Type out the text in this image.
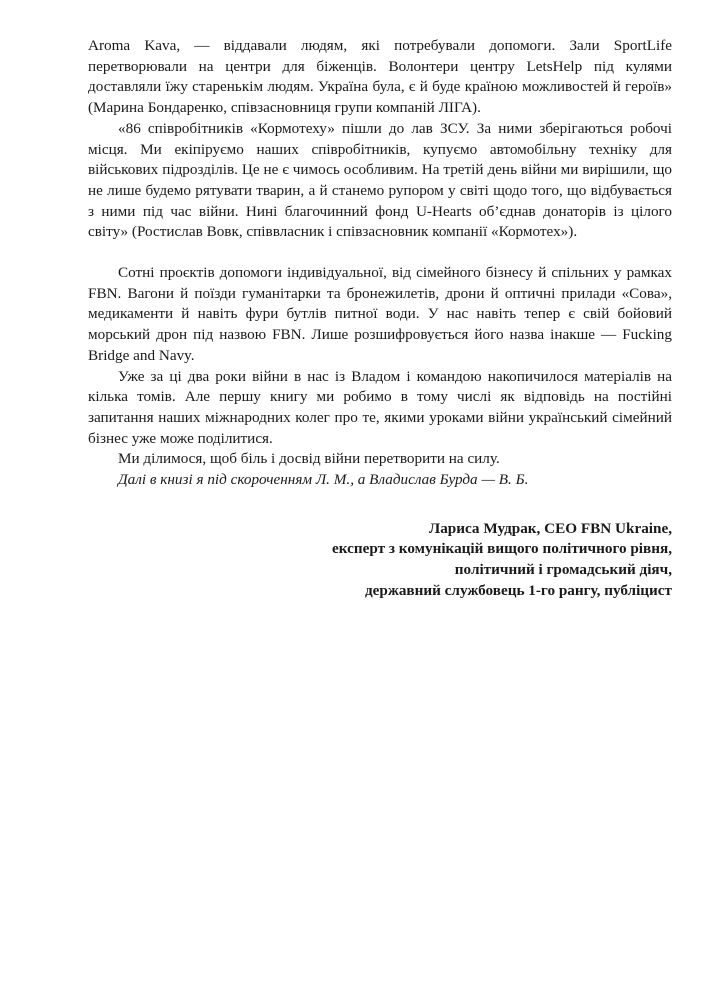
Aroma Kava, — віддавали людям, які потребували допомоги. Зали SportLife перетворювали на центри для біженців. Волонтери центру LetsHelp під кулями доставляли їжу старенькім людям. Україна була, є й буде країною можливостей й героїв» (Марина Бондаренко, співзасновниця групи компаній ЛІГА).

«86 співробітників «Кормотеху» пішли до лав ЗСУ. За ними зберігаються робочі місця. Ми екіпіруємо наших співробітників, купуємо автомобільну техніку для військових підрозділів. Це не є чимось особливим. На третій день війни ми вирішили, що не лише будемо рятувати тварин, а й станемо рупором у світі щодо того, що відбувається з ними під час війни. Нині благочинний фонд U-Hearts об’єднав донаторів із цілого світу» (Ростислав Вовк, співвласник і співзасновник компанії «Кормотех»).

Сотні проєктів допомоги індивідуальної, від сімейного бізнесу й спільних у рамках FBN. Вагони й поїзди гуманітарки та бронежилетів, дрони й оптичні прилади «Сова», медикаменти й навіть фури бутлів питної води. У нас навіть тепер є свій бойовий морський дрон під назвою FBN. Лише розшифровується його назва інакше — Fucking Bridge and Navy.

Уже за ці два роки війни в нас із Владом і командою накопичилося матеріалів на кілька томів. Але першу книгу ми робимо в тому числі як відповідь на постійні запитання наших міжнародних колег про те, якими уроками війни український сімейний бізнес уже може поділитися.

Ми ділимося, щоб біль і досвід війни перетворити на силу.

Далі в книзі я під скороченням Л. М., а Владислав Бурда — В. Б.

Лариса Мудрак, CEO FBN Ukraine,
експерт з комунікацій вищого політичного рівня,
політичний і громадський діяч,
державний службовець 1-го рангу, публіцист
